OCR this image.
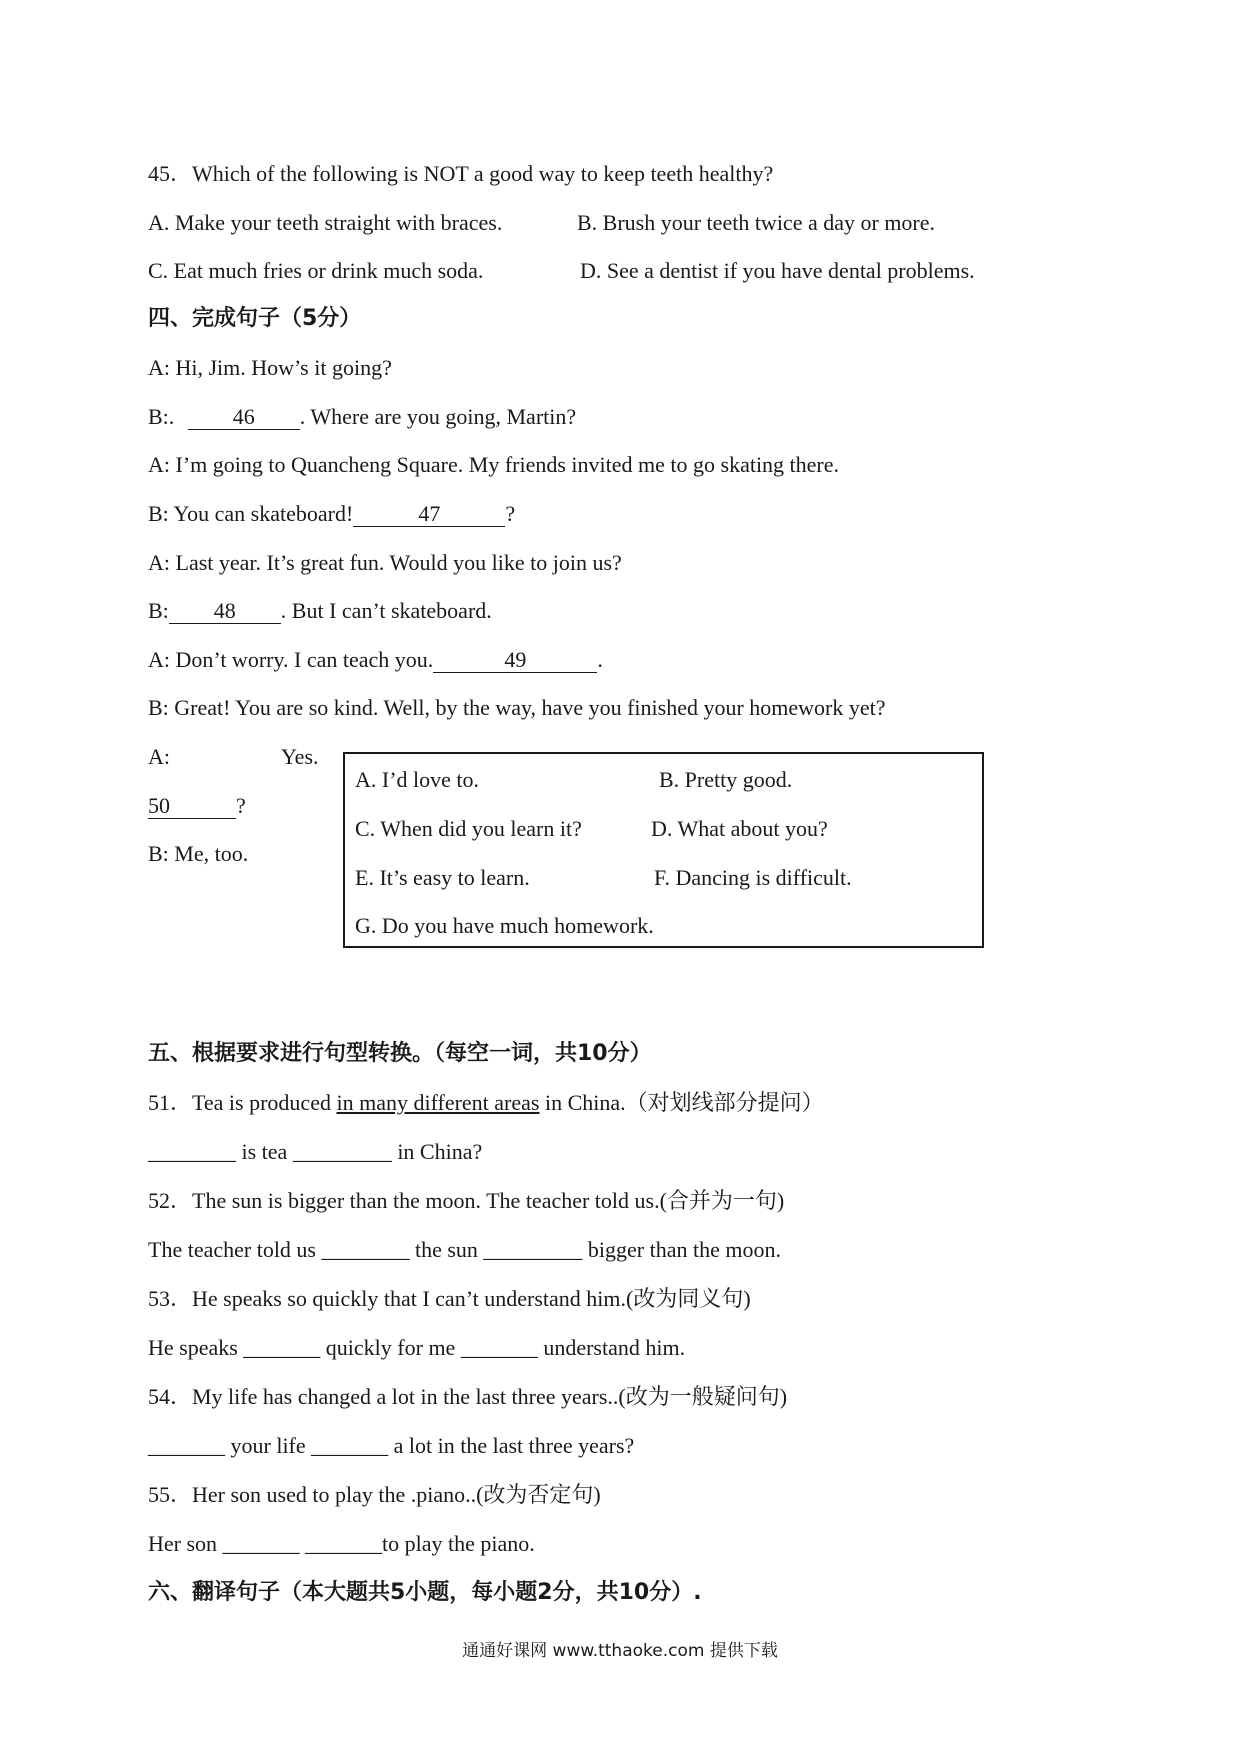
45．Which of the following is NOT a good way to keep teeth healthy?
A. Make your teeth straight with braces.	B. Brush your teeth twice a day or more.
C. Eat much fries or drink much soda.	D. See a dentist if you have dental problems.
四、完成句子（5分）
A: Hi, Jim. How’s it going?
B:.	46 . Where are you going, Martin?
A: I’m going to Quancheng Square. My friends invited me to go skating there.
B: You can skateboard!	47	?
A: Last year. It’s great fun. Would you like to join us?
B: 48 . But I can’t skateboard.
A: Don’t worry. I can teach you.	49	.
B: Great! You are so kind. Well, by the way, have you finished your homework yet?
A:	Yes.
50	?
B: Me, too.
A. I’d love to.	B. Pretty good.
C. When did you learn it?	D. What about you?
E. It’s easy to learn.	F. Dancing is difficult.
G. Do you have much homework.
五、根据要求进行句型转换。（每空一词，共10分）
51．Tea is produced in many different areas in China.（对划线部分提问）
________ is tea _________ in China?
52．The sun is bigger than the moon. The teacher told us.(合并为一句)
The teacher told us ________ the sun _________ bigger than the moon.
53．He speaks so quickly that I can’t understand him.(改为同义句)
He speaks _______ quickly for me _______ understand him.
54．My life has changed a lot in the last three years..(改为一般疑问句)
_______ your life _______ a lot in the last three years?
55．Her son used to play the .piano..(改为否定句)
Her son _______ _______to play the piano.
六、翻译句子（本大题共5小题，每小题2分，共10分）.
通通好课网 www.tthaoke.com 提供下载
